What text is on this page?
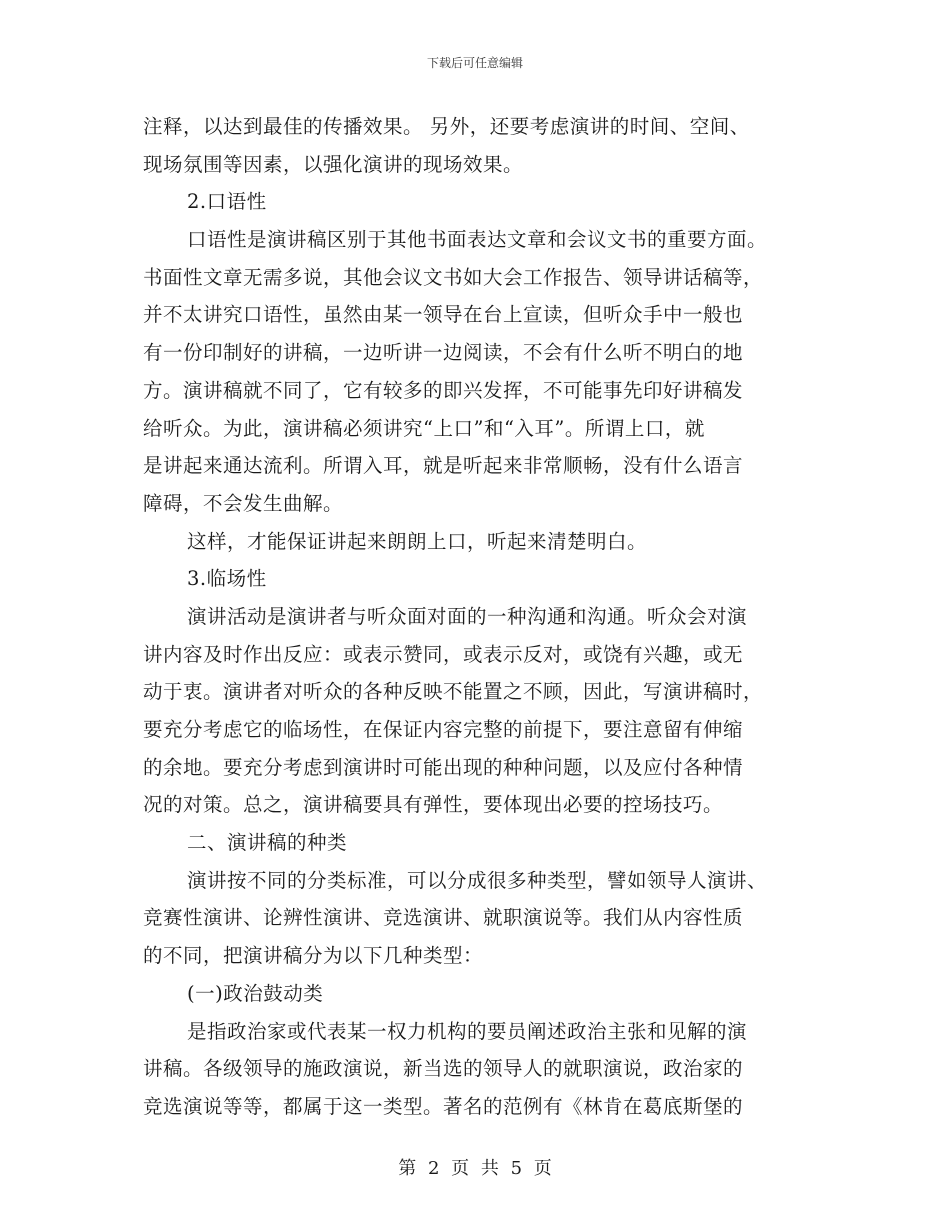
下载后可任意编辑
注释，以达到最佳的传播效果。 另外，还要考虑演讲的时间、空间、
现场氛围等因素，以强化演讲的现场效果。
2.口语性
口语性是演讲稿区别于其他书面表达文章和会议文书的重要方面。
书面性文章无需多说，其他会议文书如大会工作报告、领导讲话稿等，
并不太讲究口语性，虽然由某一领导在台上宣读，但听众手中一般也
有一份印制好的讲稿，一边听讲一边阅读，不会有什么听不明白的地
方。演讲稿就不同了，它有较多的即兴发挥，不可能事先印好讲稿发
给听众。为此，演讲稿必须讲究“上口”和“入耳”。所谓上口，就
是讲起来通达流利。所谓入耳，就是听起来非常顺畅，没有什么语言
障碍，不会发生曲解。
这样，才能保证讲起来朗朗上口，听起来清楚明白。
3.临场性
演讲活动是演讲者与听众面对面的一种沟通和沟通。听众会对演
讲内容及时作出反应：或表示赞同，或表示反对，或饶有兴趣，或无
动于衷。演讲者对听众的各种反映不能置之不顾，因此，写演讲稿时，
要充分考虑它的临场性，在保证内容完整的前提下，要注意留有伸缩
的余地。要充分考虑到演讲时可能出现的种种问题，以及应付各种情
况的对策。总之，演讲稿要具有弹性，要体现出必要的控场技巧。
二、演讲稿的种类
演讲按不同的分类标准，可以分成很多种类型，譬如领导人演讲、
竞赛性演讲、论辨性演讲、竞选演讲、就职演说等。我们从内容性质
的不同，把演讲稿分为以下几种类型：
(一)政治鼓动类
是指政治家或代表某一权力机构的要员阐述政治主张和见解的演
讲稿。各级领导的施政演说，新当选的领导人的就职演说，政治家的
竞选演说等等，都属于这一类型。著名的范例有《林肯在葛底斯堡的
第 2 页 共 5 页
